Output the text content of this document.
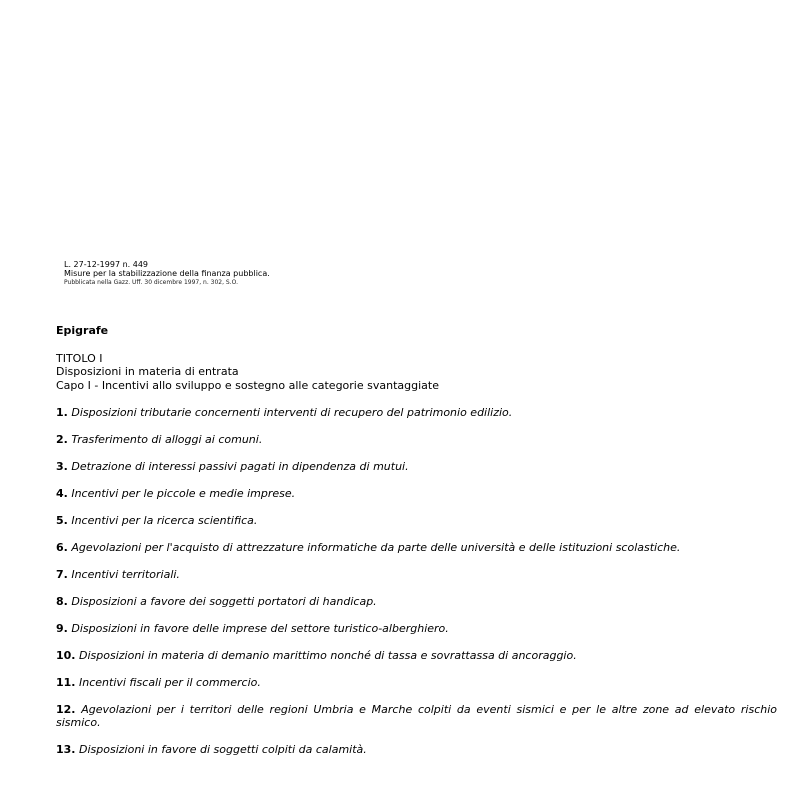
L. 27-12-1997 n. 449
Misure per la stabilizzazione della finanza pubblica.
Pubblicata nella Gazz. Uff. 30 dicembre 1997, n. 302, S.O.
Epigrafe
TITOLO I
Disposizioni in materia di entrata
Capo I - Incentivi allo sviluppo e sostegno alle categorie svantaggiate
1. Disposizioni tributarie concernenti interventi di recupero del patrimonio edilizio.
2. Trasferimento di alloggi ai comuni.
3. Detrazione di interessi passivi pagati in dipendenza di mutui.
4. Incentivi per le piccole e medie imprese.
5. Incentivi per la ricerca scientifica.
6. Agevolazioni per l'acquisto di attrezzature informatiche da parte delle università e delle istituzioni scolastiche.
7. Incentivi territoriali.
8. Disposizioni a favore dei soggetti portatori di handicap.
9. Disposizioni in favore delle imprese del settore turistico-alberghiero.
10. Disposizioni in materia di demanio marittimo nonché di tassa e sovrattassa di ancoraggio.
11. Incentivi fiscali per il commercio.
12. Agevolazioni per i territori delle regioni Umbria e Marche colpiti da eventi sismici e per le altre zone ad elevato rischio sismico.
13. Disposizioni in favore di soggetti colpiti da calamità.
